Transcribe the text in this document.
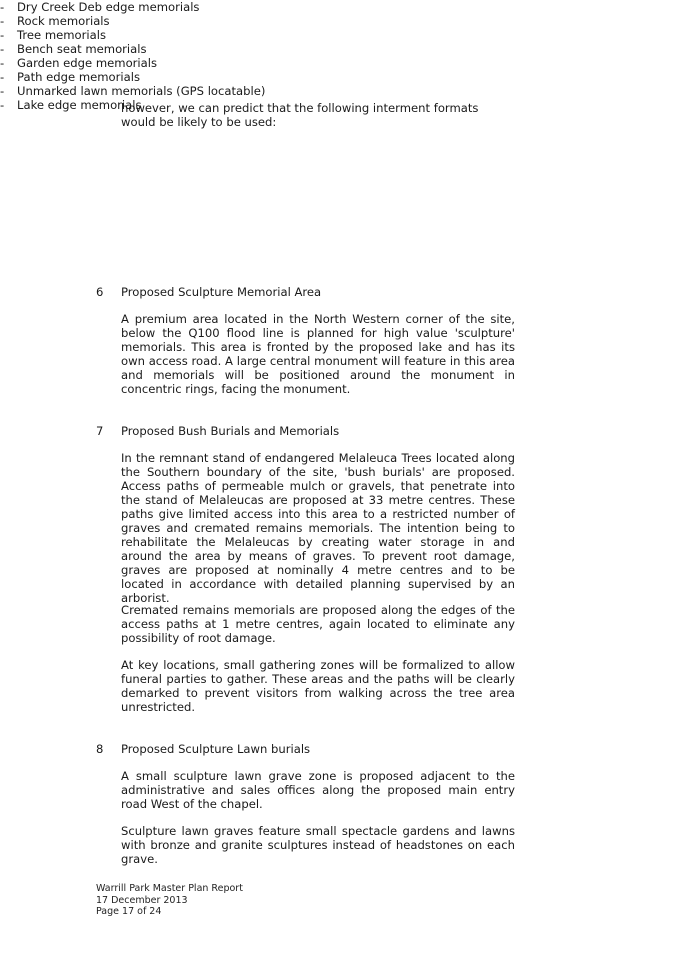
however, we can predict that the following interment formats would be likely to be used:
-	Dry Creek Deb edge memorials
-	Rock memorials
-	Tree memorials
-	Bench seat memorials
-	Garden edge memorials
-	Path edge memorials
-	Unmarked lawn memorials (GPS locatable)
-	Lake edge memorials
6	Proposed Sculpture Memorial Area
A premium area located in the North Western corner of the site, below the Q100 flood line is planned for high value 'sculpture' memorials. This area is fronted by the proposed lake and has its own access road. A large central monument will feature in this area and memorials will be positioned around the monument in concentric rings, facing the monument.
7	Proposed Bush Burials and Memorials
In the remnant stand of endangered Melaleuca Trees located along the Southern boundary of the site, 'bush burials' are proposed. Access paths of permeable mulch or gravels, that penetrate into the stand of Melaleucas are proposed at 33 metre centres. These paths give limited access into this area to a restricted number of graves and cremated remains memorials. The intention being to rehabilitate the Melaleucas by creating water storage in and around the area by means of graves. To prevent root damage, graves are proposed at nominally 4 metre centres and to be located in accordance with detailed planning supervised by an arborist.
Cremated remains memorials are proposed along the edges of the access paths at 1 metre centres, again located to eliminate any possibility of root damage.
At key locations, small gathering zones will be formalized to allow funeral parties to gather. These areas and the paths will be clearly demarked to prevent visitors from walking across the tree area unrestricted.
8	Proposed Sculpture Lawn burials
A small sculpture lawn grave zone is proposed adjacent to the administrative and sales offices along the proposed main entry road West of the chapel.
Sculpture lawn graves feature small spectacle gardens and lawns with bronze and granite sculptures instead of headstones on each grave.
Warrill Park Master Plan Report
17 December 2013
Page 17 of 24
